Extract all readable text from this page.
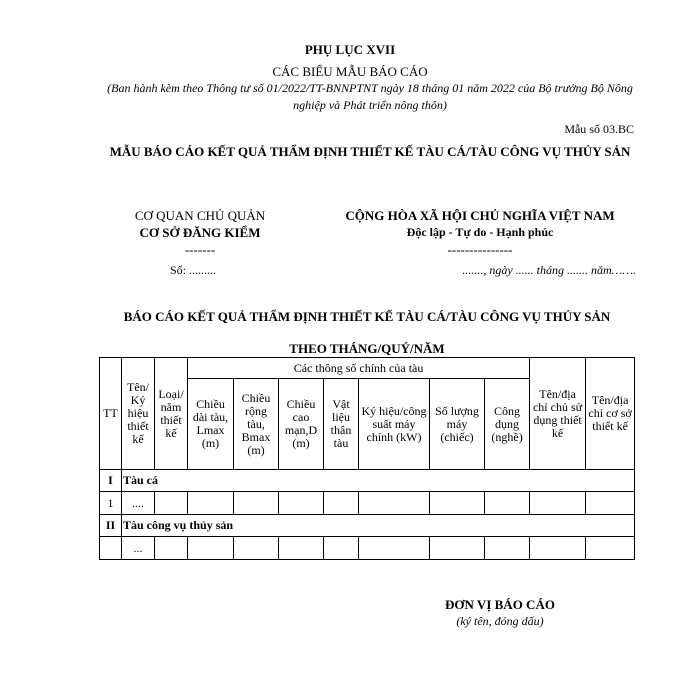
PHỤ LỤC XVII
CÁC BIỂU MẪU BÁO CÁO
(Ban hành kèm theo Thông tư số 01/2022/TT-BNNPTNT ngày 18 tháng 01 năm 2022 của Bộ trưởng Bộ Nông nghiệp và Phát triển nông thôn)
Mẫu số 03.BC
MẪU BÁO CÁO KẾT QUẢ THẨM ĐỊNH THIẾT KẾ TÀU CÁ/TÀU CÔNG VỤ THỦY SẢN
CƠ QUAN CHỦ QUẢN
CƠ SỞ ĐĂNG KIỂM
-------
CỘNG HÒA XÃ HỘI CHỦ NGHĨA VIỆT NAM
Độc lập - Tự do - Hạnh phúc
---------------
Số: .........	......., ngày ...... tháng ....... năm…….
BÁO CÁO KẾT QUẢ THẨM ĐỊNH THIẾT KẾ TÀU CÁ/TÀU CÔNG VỤ THỦY SẢN
THEO THÁNG/QUÝ/NĂM
TT	Tên/ Ký hiệu thiết kế	Loại/ năm thiết kế	Các thông số chính của tàu							Tên/địa chỉ chủ sử dụng thiết kế	Tên/địa chỉ cơ sở thiết kế
			Chiều dài tàu, Lmax (m)	Chiều rộng tàu, Bmax (m)	Chiều cao mạn,D (m)	Vật liệu thân tàu	Ký hiệu/công suất máy chính (kW)	Số lượng máy (chiếc)	Công dụng (nghề)		
I	Tàu cá										
1	....										
II	Tàu công vụ thủy sản										
	...										
ĐƠN VỊ BÁO CÁO
(ký tên, đóng dấu)
